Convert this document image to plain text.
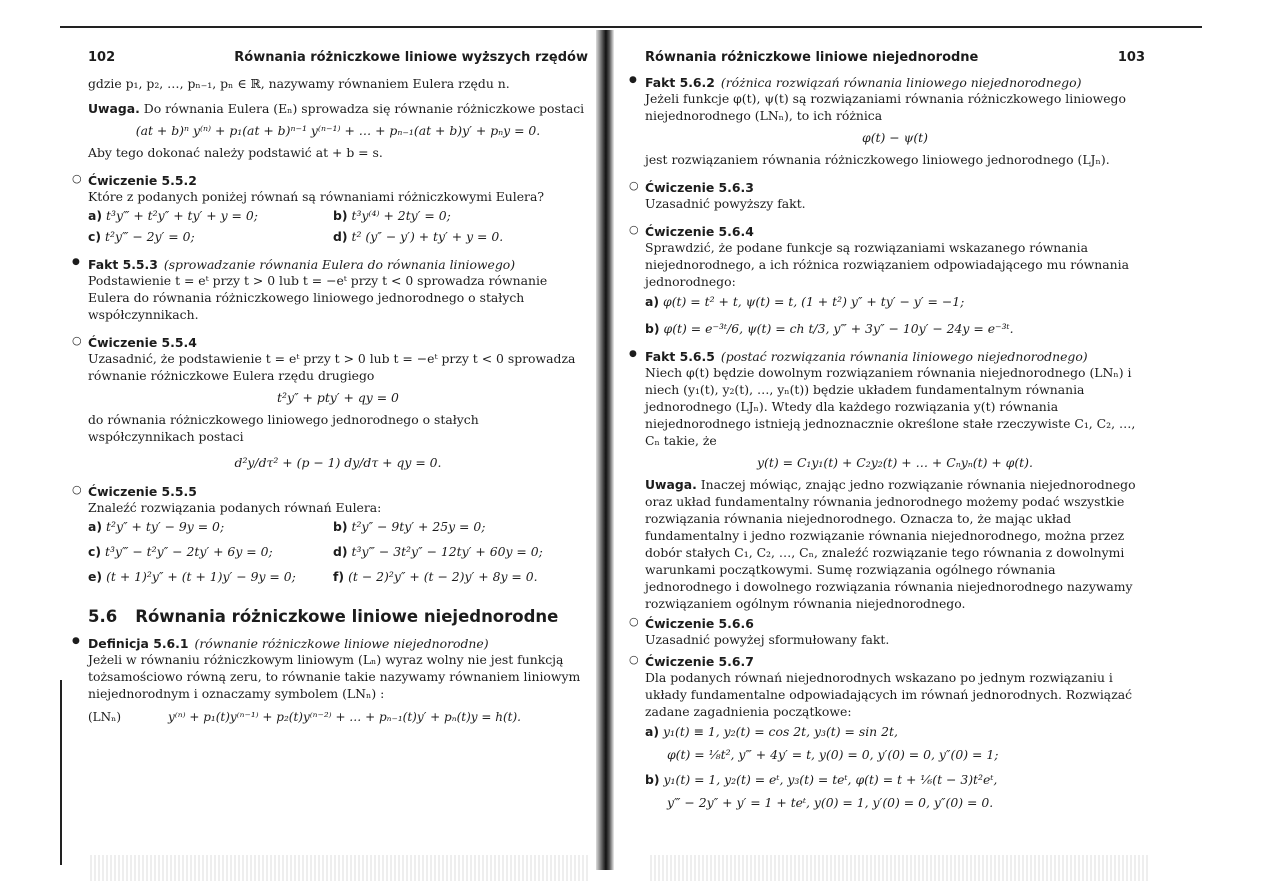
102	Równania różniczkowe liniowe wyższych rzędów

gdzie p₁, p₂, …, pₙ₋₁, pₙ ∈ ℝ, nazywamy równaniem Eulera rzędu n.

Uwaga. Do równania Eulera (Eₙ) sprowadza się równanie różniczkowe postaci

(at + b)ⁿ y⁽ⁿ⁾ + p₁(at + b)ⁿ⁻¹ y⁽ⁿ⁻¹⁾ + … + pₙ₋₁(at + b)y′ + pₙy = 0.

Aby tego dokonać należy podstawić at + b = s.

○ Ćwiczenie 5.5.2

Które z podanych poniżej równań są równaniami różniczkowymi Eulera?

a) t³y‴ + t²y″ + ty′ + y = 0;	b) t³y⁽⁴⁾ + 2ty′ = 0;
c) t²y‴ − 2y′ = 0;	d) t² (y″ − y′) + ty′ + y = 0.
● Fakt 5.5.3 (sprowadzanie równania Eulera do równania liniowego)

Podstawienie t = eᵗ przy t > 0 lub t = −eᵗ przy t < 0 sprowadza równanie Eulera do równania różniczkowego liniowego jednorodnego o stałych współczynnikach.

○ Ćwiczenie 5.5.4

Uzasadnić, że podstawienie t = eᵗ przy t > 0 lub t = −eᵗ przy t < 0 sprowadza równanie różniczkowe Eulera rzędu drugiego

t²y″ + pty′ + qy = 0

do równania różniczkowego liniowego jednorodnego o stałych współczynnikach postaci

d²y/dτ² + (p − 1) dy/dτ + qy = 0.
○ Ćwiczenie 5.5.5

Znaleźć rozwiązania podanych równań Eulera:

a) t²y″ + ty′ − 9y = 0;	b) t²y″ − 9ty′ + 25y = 0;
c) t³y‴ − t²y″ − 2ty′ + 6y = 0;	d) t³y‴ − 3t²y″ − 12ty′ + 60y = 0;
e) (t + 1)²y″ + (t + 1)y′ − 9y = 0;	f) (t − 2)²y″ + (t − 2)y′ + 8y = 0.
5.6 Równania różniczkowe liniowe niejednorodne
● Definicja 5.6.1 (równanie różniczkowe liniowe niejednorodne)

Jeżeli w równaniu różniczkowym liniowym (Lₙ) wyraz wolny nie jest funkcją tożsamościowo równą zeru, to równanie takie nazywamy równaniem liniowym niejednorodnym i oznaczamy symbolem (LNₙ) :

(LNₙ)	y⁽ⁿ⁾ + p₁(t)y⁽ⁿ⁻¹⁾ + p₂(t)y⁽ⁿ⁻²⁾ + … + pₙ₋₁(t)y′ + pₙ(t)y = h(t).
Równania różniczkowe liniowe niejednorodne	103
● Fakt 5.6.2 (różnica rozwiązań równania liniowego niejednorodnego)

Jeżeli funkcje φ(t), ψ(t) są rozwiązaniami równania różniczkowego liniowego niejednorodnego (LNₙ), to ich różnica

φ(t) − ψ(t)

jest rozwiązaniem równania różniczkowego liniowego jednorodnego (LJₙ).

○ Ćwiczenie 5.6.3

Uzasadnić powyższy fakt.

○ Ćwiczenie 5.6.4

Sprawdzić, że podane funkcje są rozwiązaniami wskazanego równania niejednorodnego, a ich różnica rozwiązaniem odpowiadającego mu równania jednorodnego:

a) φ(t) = t² + t, ψ(t) = t, (1 + t²) y″ + ty′ − y′ = −1;
b) φ(t) = e⁻³ᵗ/6, ψ(t) = ch t/3, y‴ + 3y″ − 10y′ − 24y = e⁻³ᵗ.
● Fakt 5.6.5 (postać rozwiązania równania liniowego niejednorodnego)

Niech φ(t) będzie dowolnym rozwiązaniem równania niejednorodnego (LNₙ) i niech (y₁(t), y₂(t), …, yₙ(t)) będzie układem fundamentalnym równania jednorodnego (LJₙ). Wtedy dla każdego rozwiązania y(t) równania niejednorodnego istnieją jednoznacznie określone stałe rzeczywiste C₁, C₂, …, Cₙ takie, że

y(t) = C₁y₁(t) + C₂y₂(t) + … + Cₙyₙ(t) + φ(t).

Uwaga. Inaczej mówiąc, znając jedno rozwiązanie równania niejednorodnego oraz układ fundamentalny równania jednorodnego możemy podać wszystkie rozwiązania równania niejednorodnego. Oznacza to, że mając układ fundamentalny i jedno rozwiązanie równania niejednorodnego, można przez dobór stałych C₁, C₂, …, Cₙ, znaleźć rozwiązanie tego równania z dowolnymi warunkami początkowymi. Sumę rozwiązania ogólnego równania jednorodnego i dowolnego rozwiązania równania niejednorodnego nazywamy rozwiązaniem ogólnym równania niejednorodnego.

○ Ćwiczenie 5.6.6

Uzasadnić powyżej sformułowany fakt.

○ Ćwiczenie 5.6.7

Dla podanych równań niejednorodnych wskazano po jednym rozwiązaniu i układy fundamentalne odpowiadających im równań jednorodnych. Rozwiązać zadane zagadnienia początkowe:

a) y₁(t) ≡ 1, y₂(t) = cos 2t, y₃(t) = sin 2t,
φ(t) = ⅛t², y‴ + 4y′ = t, y(0) = 0, y′(0) = 0, y″(0) = 1;
b) y₁(t) = 1, y₂(t) = eᵗ, y₃(t) = teᵗ, φ(t) = t + ⅙(t − 3)t²eᵗ,
y‴ − 2y″ + y′ = 1 + teᵗ, y(0) = 1, y′(0) = 0, y″(0) = 0.
